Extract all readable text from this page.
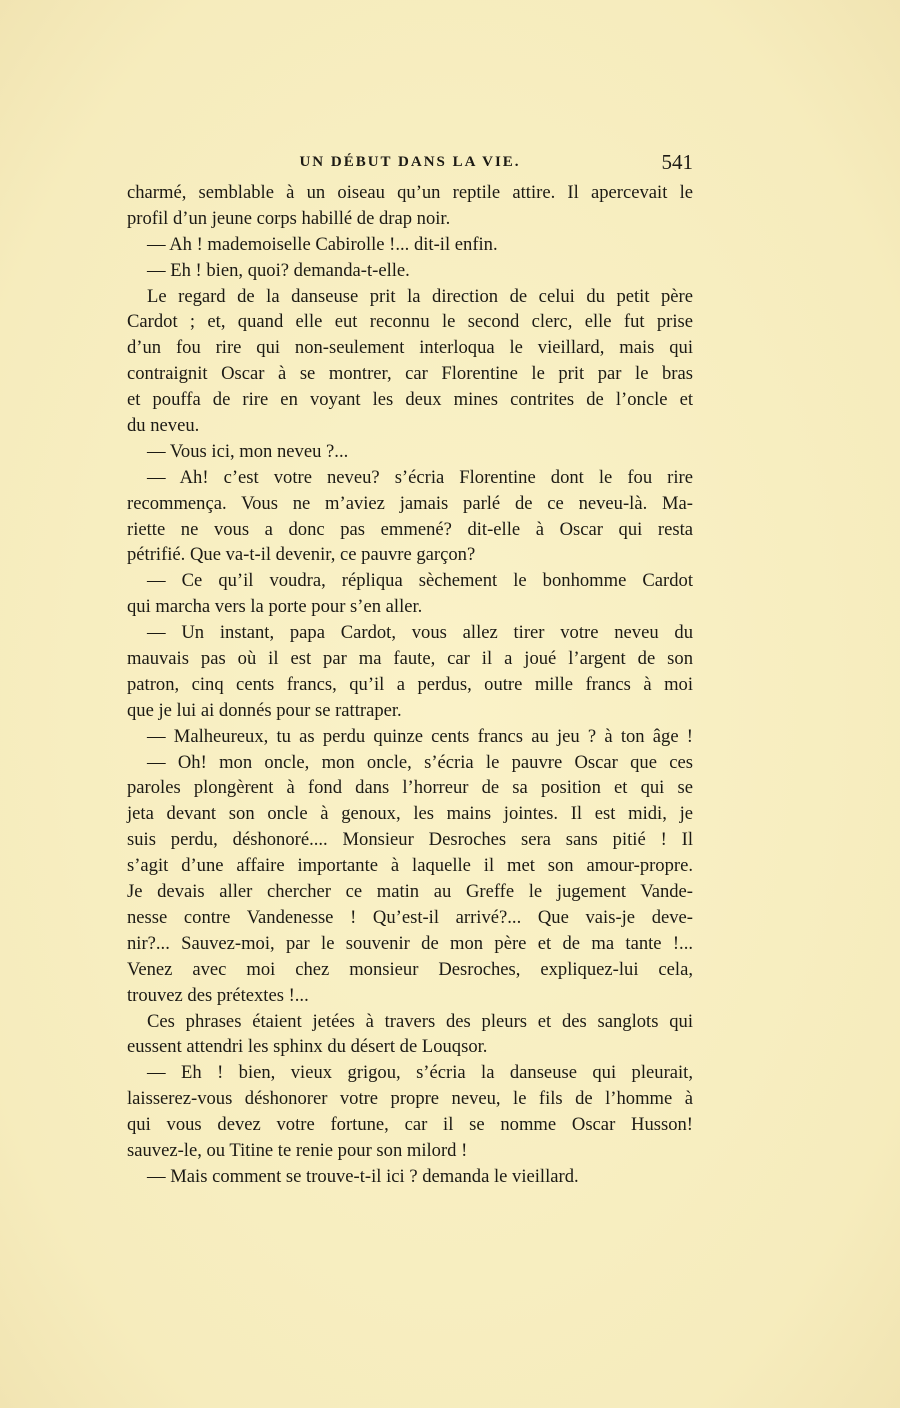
UN DÉBUT DANS LA VIE.	541
charmé, semblable à un oiseau qu’un reptile attire. Il apercevait le
profil d’un jeune corps habillé de drap noir.
— Ah ! mademoiselle Cabirolle !... dit-il enfin.
— Eh ! bien, quoi? demanda-t-elle.
Le regard de la danseuse prit la direction de celui du petit père
Cardot ; et, quand elle eut reconnu le second clerc, elle fut prise
d’un fou rire qui non-seulement interloqua le vieillard, mais qui
contraignit Oscar à se montrer, car Florentine le prit par le bras
et pouffa de rire en voyant les deux mines contrites de l’oncle et
du neveu.
— Vous ici, mon neveu ?...
— Ah! c’est votre neveu? s’écria Florentine dont le fou rire
recommença. Vous ne m’aviez jamais parlé de ce neveu-là. Ma-
riette ne vous a donc pas emmené? dit-elle à Oscar qui resta
pétrifié. Que va-t-il devenir, ce pauvre garçon?
— Ce qu’il voudra, répliqua sèchement le bonhomme Cardot
qui marcha vers la porte pour s’en aller.
— Un instant, papa Cardot, vous allez tirer votre neveu du
mauvais pas où il est par ma faute, car il a joué l’argent de son
patron, cinq cents francs, qu’il a perdus, outre mille francs à moi
que je lui ai donnés pour se rattraper.
— Malheureux, tu as perdu quinze cents francs au jeu ? à ton âge !
— Oh! mon oncle, mon oncle, s’écria le pauvre Oscar que ces
paroles plongèrent à fond dans l’horreur de sa position et qui se
jeta devant son oncle à genoux, les mains jointes. Il est midi, je
suis perdu, déshonoré.... Monsieur Desroches sera sans pitié ! Il
s’agit d’une affaire importante à laquelle il met son amour-propre.
Je devais aller chercher ce matin au Greffe le jugement Vande-
nesse contre Vandenesse ! Qu’est-il arrivé?... Que vais-je deve-
nir?... Sauvez-moi, par le souvenir de mon père et de ma tante !...
Venez avec moi chez monsieur Desroches, expliquez-lui cela,
trouvez des prétextes !...
Ces phrases étaient jetées à travers des pleurs et des sanglots qui
eussent attendri les sphinx du désert de Louqsor.
— Eh ! bien, vieux grigou, s’écria la danseuse qui pleurait,
laisserez-vous déshonorer votre propre neveu, le fils de l’homme à
qui vous devez votre fortune, car il se nomme Oscar Husson!
sauvez-le, ou Titine te renie pour son milord !
— Mais comment se trouve-t-il ici ? demanda le vieillard.
